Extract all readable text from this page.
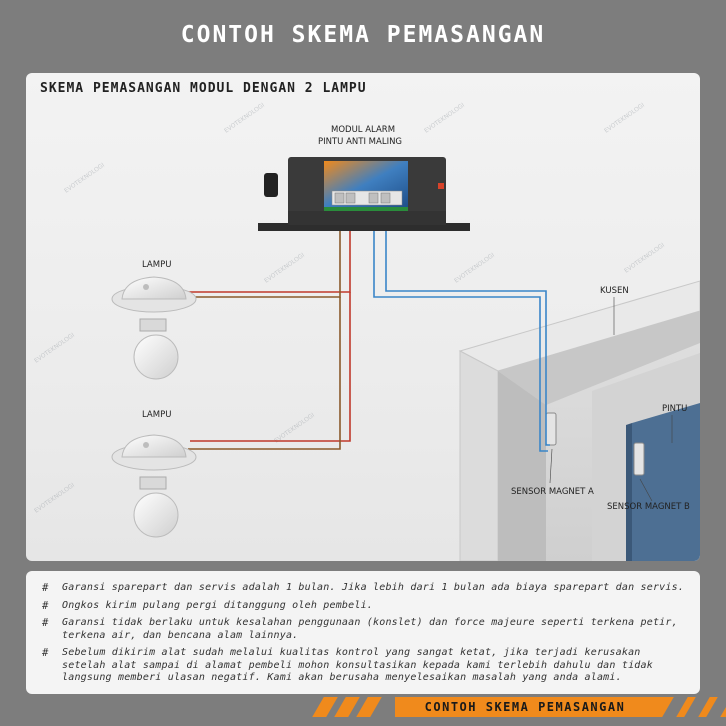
CONTOH SKEMA PEMASANGAN
EVOTEKNOLOGI	EVOTEKNOLOGI	EVOTEKNOLOGI
EVOTEKNOLOGI
EVOTEKNOLOGI	EVOTEKNOLOGI	EVOTEKNOLOGI
EVOTEKNOLOGI
EVOTEKNOLOGI
EVOTEKNOLOGI
MODUL ALARM
PINTU ANTI MALING
LAMPU
LAMPU
KUSEN
PINTU
SENSOR MAGNET A
SENSOR MAGNET B
SKEMA PEMASANGAN MODUL DENGAN 2 LAMPU
#	Garansi sparepart dan servis adalah 1 bulan. Jika lebih dari 1 bulan ada biaya sparepart dan servis.
#	Ongkos kirim pulang pergi ditanggung oleh pembeli.
#	Garansi tidak berlaku untuk kesalahan penggunaan (konslet) dan force majeure seperti terkena petir, terkena air, dan bencana alam lainnya.
#	Sebelum dikirim alat sudah melalui kualitas kontrol yang sangat ketat, jika terjadi kerusakan setelah alat sampai di alamat pembeli mohon konsultasikan kepada kami terlebih dahulu dan tidak langsung memberi ulasan negatif. Kami akan berusaha menyelesaikan masalah yang anda alami.
CONTOH SKEMA PEMASANGAN
